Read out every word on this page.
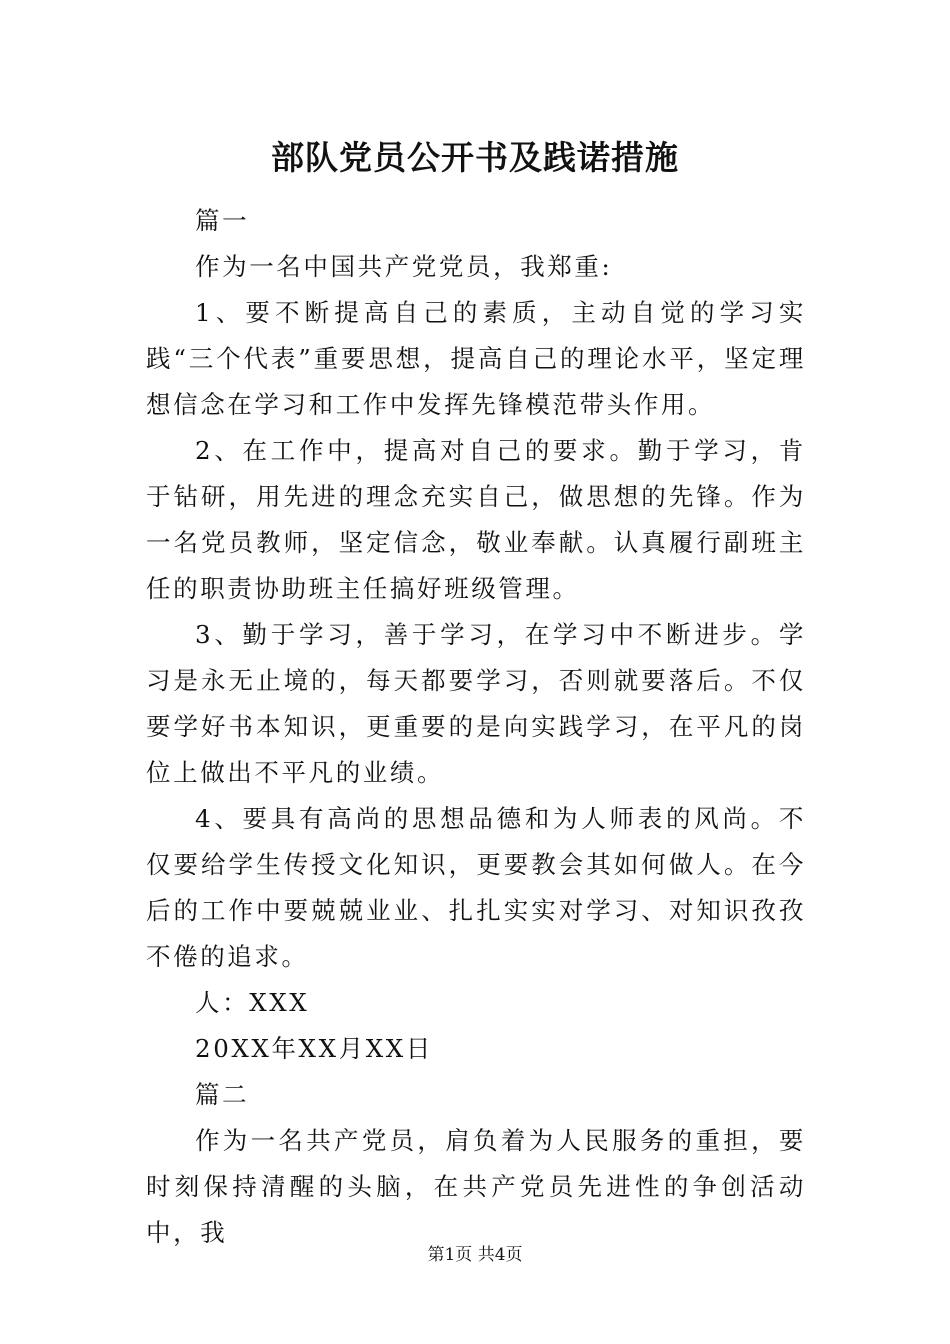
部队党员公开书及践诺措施

篇一

作为一名中国共产党党员，我郑重:

1、要不断提高自己的素质，主动自觉的学习实践“三个代表”重要思想，提高自己的理论水平，坚定理想信念在学习和工作中发挥先锋模范带头作用。

2、在工作中，提高对自己的要求。勤于学习，肯于钻研，用先进的理念充实自己，做思想的先锋。作为一名党员教师，坚定信念，敬业奉献。认真履行副班主任的职责协助班主任搞好班级管理。

3、勤于学习，善于学习，在学习中不断进步。学习是永无止境的，每天都要学习，否则就要落后。不仅要学好书本知识，更重要的是向实践学习，在平凡的岗位上做出不平凡的业绩。

4、要具有高尚的思想品德和为人师表的风尚。不仅要给学生传授文化知识，更要教会其如何做人。在今后的工作中要兢兢业业、扎扎实实对学习、对知识孜孜不倦的追求。

人：XXX

20XX年XX月XX日

篇二

作为一名共产党员，肩负着为人民服务的重担，要时刻保持清醒的头脑，在共产党员先进性的争创活动中，我

第1页 共4页
